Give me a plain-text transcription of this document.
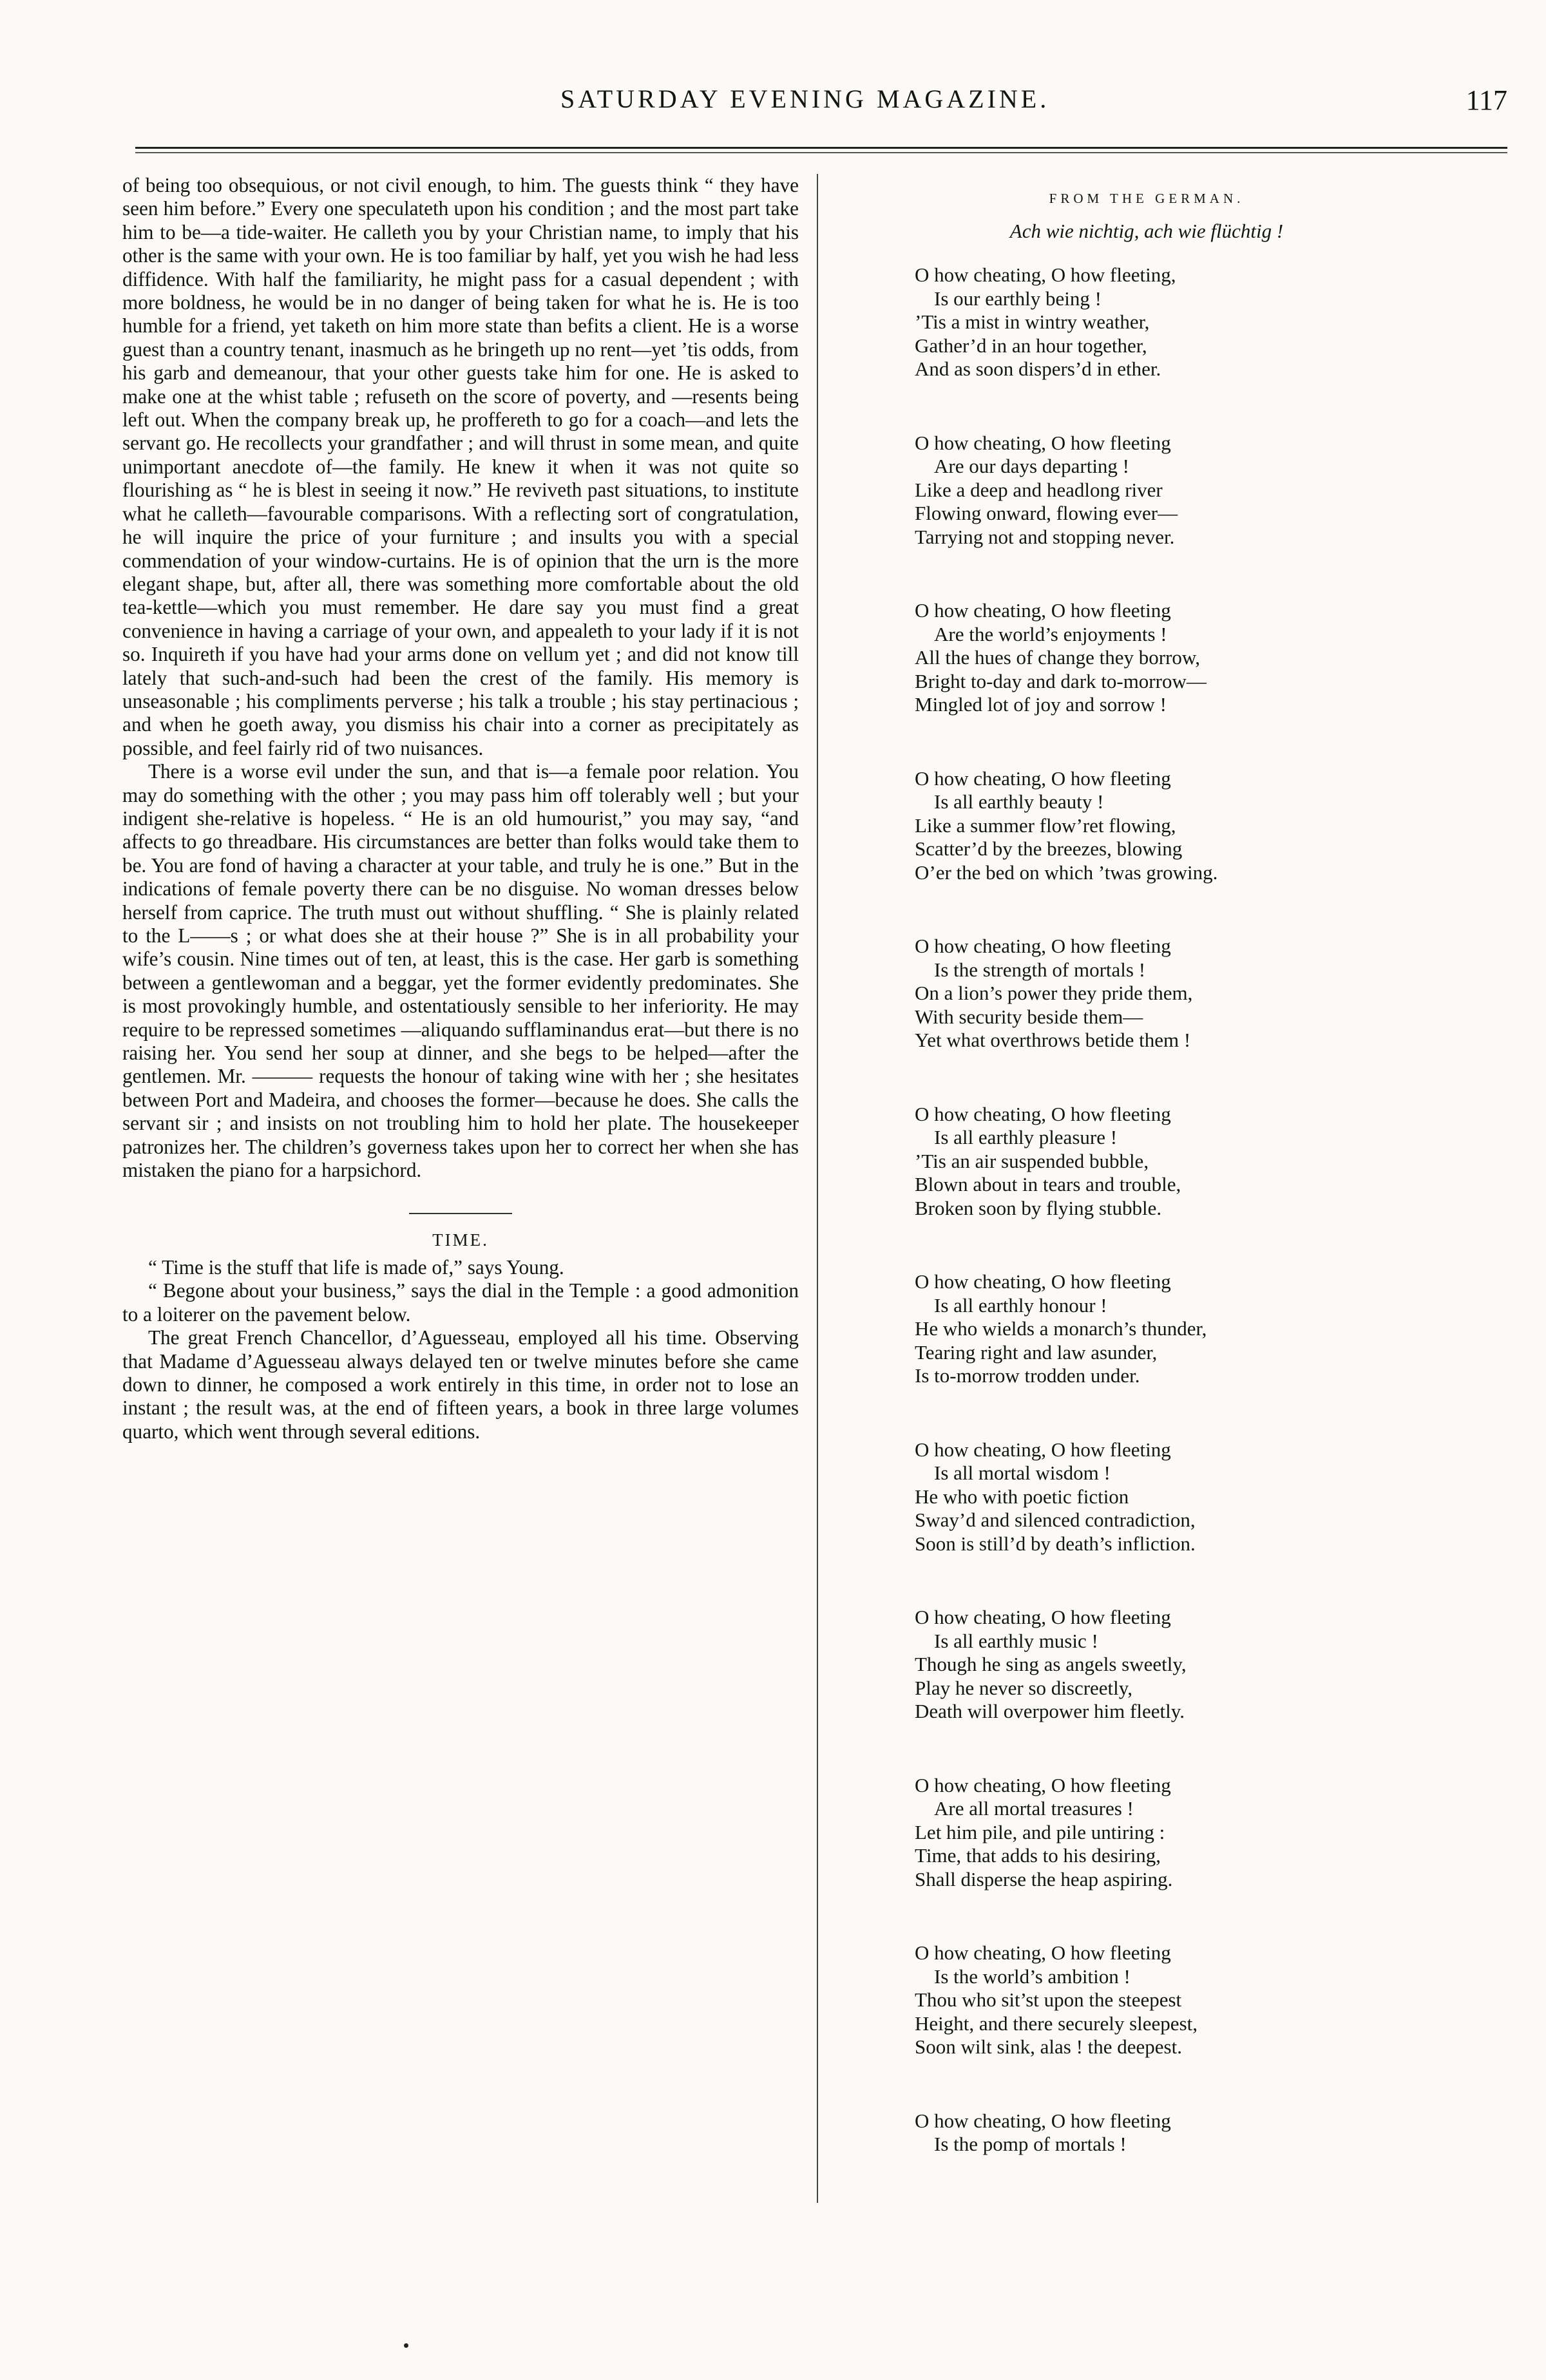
SATURDAY EVENING MAGAZINE.	117

of being too obsequious, or not civil enough, to him. The guests think “ they have seen him before.” Every one speculateth upon his condition ; and the most part take him to be—a tide-waiter. He calleth you by your Christian name, to imply that his other is the same with your own. He is too familiar by half, yet you wish he had less diffidence. With half the familiarity, he might pass for a casual dependent ; with more boldness, he would be in no danger of being taken for what he is. He is too humble for a friend, yet taketh on him more state than befits a client. He is a worse guest than a country tenant, inasmuch as he bringeth up no rent—yet ’tis odds, from his garb and demeanour, that your other guests take him for one. He is asked to make one at the whist table ; refuseth on the score of poverty, and —resents being left out. When the company break up, he proffereth to go for a coach—and lets the servant go. He recollects your grandfather ; and will thrust in some mean, and quite unimportant anecdote of—the family. He knew it when it was not quite so flourishing as “ he is blest in seeing it now.” He reviveth past situations, to institute what he calleth—favourable comparisons. With a reflecting sort of congratulation, he will inquire the price of your furniture ; and insults you with a special commendation of your window-curtains. He is of opinion that the urn is the more elegant shape, but, after all, there was something more comfortable about the old tea-kettle—which you must remember. He dare say you must find a great convenience in having a carriage of your own, and appealeth to your lady if it is not so. Inquireth if you have had your arms done on vellum yet ; and did not know till lately that such-and-such had been the crest of the family. His memory is unseasonable ; his compliments perverse ; his talk a trouble ; his stay pertinacious ; and when he goeth away, you dismiss his chair into a corner as precipitately as possible, and feel fairly rid of two nuisances.

There is a worse evil under the sun, and that is—a female poor relation. You may do something with the other ; you may pass him off tolerably well ; but your indigent she-relative is hopeless. “ He is an old humourist,” you may say, “and affects to go threadbare. His circumstances are better than folks would take them to be. You are fond of having a character at your table, and truly he is one.” But in the indications of female poverty there can be no disguise. No woman dresses below herself from caprice. The truth must out without shuffling. “ She is plainly related to the L——s ; or what does she at their house ?” She is in all probability your wife’s cousin. Nine times out of ten, at least, this is the case. Her garb is something between a gentlewoman and a beggar, yet the former evidently predominates. She is most provokingly humble, and ostentatiously sensible to her inferiority. He may require to be repressed sometimes —aliquando sufflaminandus erat—but there is no raising her. You send her soup at dinner, and she begs to be helped—after the gentlemen. Mr. ——— requests the honour of taking wine with her ; she hesitates between Port and Madeira, and chooses the former—because he does. She calls the servant sir ; and insists on not troubling him to hold her plate. The housekeeper patronizes her. The children’s governess takes upon her to correct her when she has mistaken the piano for a harpsichord.

TIME.

“ Time is the stuff that life is made of,” says Young.

“ Begone about your business,” says the dial in the Temple : a good admonition to a loiterer on the pavement below.

The great French Chancellor, d’Aguesseau, employed all his time. Observing that Madame d’Aguesseau always delayed ten or twelve minutes before she came down to dinner, he composed a work entirely in this time, in order not to lose an instant ; the result was, at the end of fifteen years, a book in three large volumes quarto, which went through several editions.

FROM THE GERMAN.
Ach wie nichtig, ach wie flüchtig !
O how cheating, O how fleeting,
Is our earthly being !
’Tis a mist in wintry weather,
Gather’d in an hour together,
And as soon dispers’d in ether.
O how cheating, O how fleeting
Are our days departing !
Like a deep and headlong river
Flowing onward, flowing ever—
Tarrying not and stopping never.
O how cheating, O how fleeting
Are the world’s enjoyments !
All the hues of change they borrow,
Bright to-day and dark to-morrow—
Mingled lot of joy and sorrow !
O how cheating, O how fleeting
Is all earthly beauty !
Like a summer flow’ret flowing,
Scatter’d by the breezes, blowing
O’er the bed on which ’twas growing.
O how cheating, O how fleeting
Is the strength of mortals !
On a lion’s power they pride them,
With security beside them—
Yet what overthrows betide them !
O how cheating, O how fleeting
Is all earthly pleasure !
’Tis an air suspended bubble,
Blown about in tears and trouble,
Broken soon by flying stubble.
O how cheating, O how fleeting
Is all earthly honour !
He who wields a monarch’s thunder,
Tearing right and law asunder,
Is to-morrow trodden under.
O how cheating, O how fleeting
Is all mortal wisdom !
He who with poetic fiction
Sway’d and silenced contradiction,
Soon is still’d by death’s infliction.
O how cheating, O how fleeting
Is all earthly music !
Though he sing as angels sweetly,
Play he never so discreetly,
Death will overpower him fleetly.
O how cheating, O how fleeting
Are all mortal treasures !
Let him pile, and pile untiring :
Time, that adds to his desiring,
Shall disperse the heap aspiring.
O how cheating, O how fleeting
Is the world’s ambition !
Thou who sit’st upon the steepest
Height, and there securely sleepest,
Soon wilt sink, alas ! the deepest.
O how cheating, O how fleeting
Is the pomp of mortals !
